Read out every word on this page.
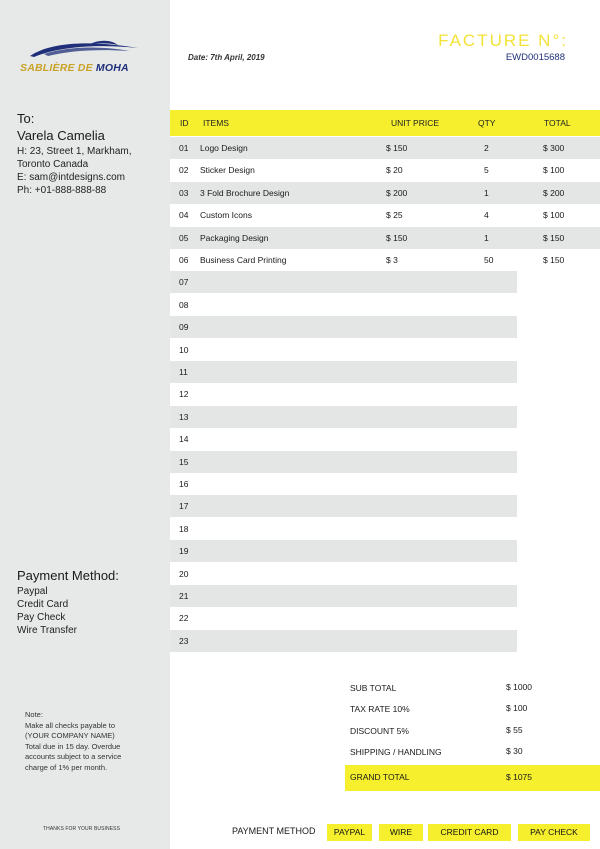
SABLIÈRE DE MOHA
To:
Varela Camelia
H: 23, Street 1, Markham,
Toronto Canada
E: sam@intdesigns.com
Ph: +01-888-888-88
Payment Method:
Paypal
Credit Card
Pay Check
Wire Transfer
Note:
Make all checks payable to
(YOUR COMPANY NAME)
Total due in 15 day. Overdue
accounts subject to a service
charge of 1% per month.
THANKS FOR YOUR BUSINESS
Date: 7th April, 2019
FACTURE N°:
EWD0015688
ID ITEMS	UNIT PRICE	QTY	TOTAL
01 Logo Design	$ 150	2	$ 300
02 Sticker Design	$ 20	5	$ 100
03 3 Fold Brochure Design	$ 200	1	$ 200
04 Custom Icons	$ 25	4	$ 100
05 Packaging Design	$ 150	1	$ 150
06 Business Card Printing	$ 3	50	$ 150
07
08
09
10
11
12
13
14
15
16
17
18
19
20
21
22
23
SUB TOTAL	$ 1000
TAX RATE 10%	$ 100
DISCOUNT 5%	$ 55
SHIPPING / HANDLING	$ 30
GRAND TOTAL	$ 1075
PAYMENT METHOD	PAYPAL	WIRE	CREDIT CARD	PAY CHECK
